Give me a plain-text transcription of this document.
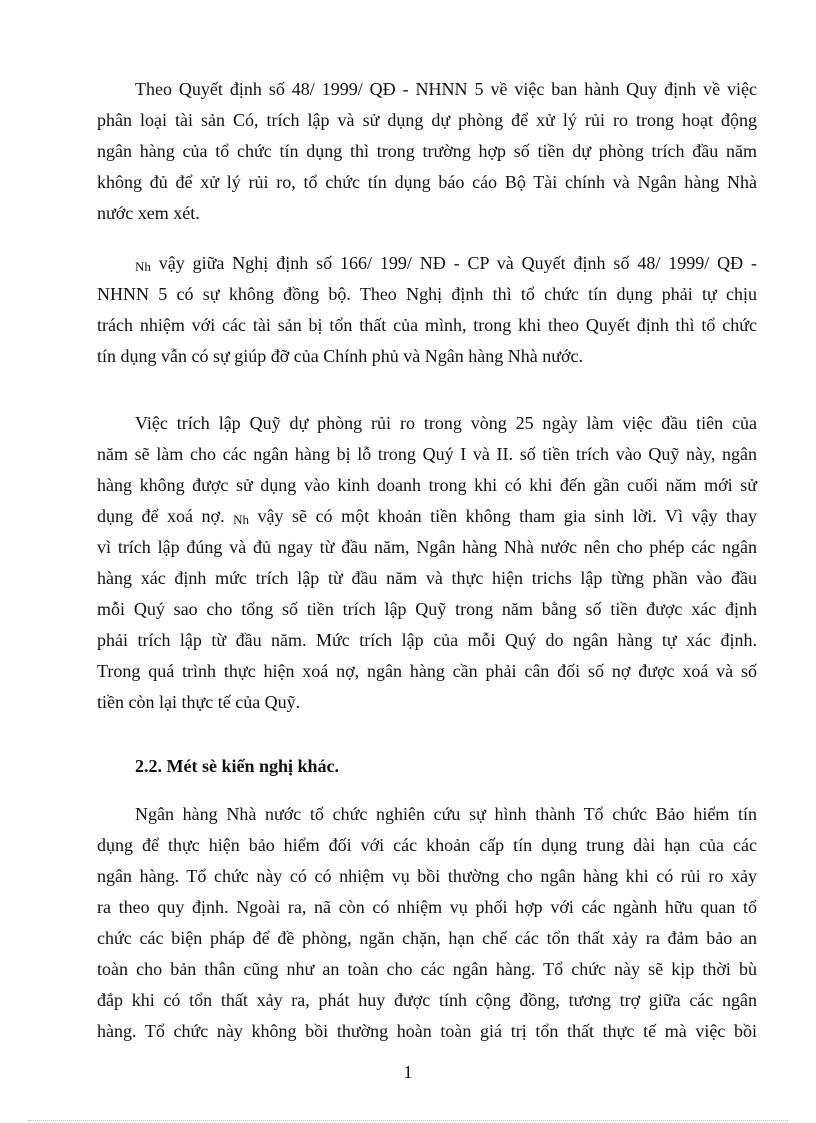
Theo Quyết định số 48/ 1999/ QĐ - NHNN 5 về việc ban hành Quy định về việc
phân loại tài sản Có, trích lập và sử dụng dự phòng để xử lý rủi ro trong hoạt động
ngân hàng của tổ chức tín dụng thì trong trường hợp số tiền dự phòng trích đầu năm
không đủ để xử lý rủi ro, tổ chức tín dụng báo cáo Bộ Tài chính và Ngân hàng Nhà
nước xem xét.

Nh vậy giữa Nghị định số 166/ 199/ NĐ - CP và Quyết định số 48/ 1999/ QĐ -
NHNN 5 có sự không đồng bộ. Theo Nghị định thì tổ chức tín dụng phải tự chịu
trách nhiệm với các tài sản bị tổn thất của mình, trong khi theo Quyết định thì tổ chức
tín dụng vẫn có sự giúp đỡ của Chính phủ và Ngân hàng Nhà nước.

Việc trích lập Quỹ dự phòng rủi ro trong vòng 25 ngày làm việc đầu tiên của
năm sẽ làm cho các ngân hàng bị lỗ trong Quý I và II. số tiền trích vào Quỹ này, ngân
hàng không được sử dụng vào kinh doanh trong khi có khi đến gần cuối năm mới sử
dụng để xoá nợ. Nh vậy sẽ có một khoản tiền không tham gia sinh lời. Vì vậy thay
vì trích lập đúng và đủ ngay từ đầu năm, Ngân hàng Nhà nước nên cho phép các ngân
hàng xác định mức trích lập từ đầu năm và thực hiện trichs lập từng phần vào đầu
mỗi Quý sao cho tổng số tiền trích lập Quỹ trong năm bằng số tiền được xác định
phải trích lập từ đầu năm. Mức trích lập của mỗi Quý do ngân hàng tự xác định.
Trong quá trình thực hiện xoá nợ, ngân hàng cần phải cân đối số nợ được xoá và số
tiền còn lại thực tế của Quỹ.

2.2. Mét sè kiến nghị khác.

Ngân hàng Nhà nước tổ chức nghiên cứu sự hình thành Tổ chức Bảo hiểm tín
dụng để thực hiện bảo hiểm đối với các khoản cấp tín dụng trung dài hạn của các
ngân hàng. Tổ chức này có có nhiệm vụ bồi thường cho ngân hàng khi có rủi ro xảy
ra theo quy định. Ngoài ra, nã còn có nhiệm vụ phối hợp với các ngành hữu quan tổ
chức các biện pháp để đề phòng, ngăn chặn, hạn chế các tổn thất xảy ra đảm bảo an
toàn cho bản thân cũng như an toàn cho các ngân hàng. Tổ chức này sẽ kịp thời bù
đắp khi có tổn thất xảy ra, phát huy được tính cộng đồng, tương trợ giữa các ngân
hàng. Tổ chức này không bồi thường hoàn toàn giá trị tổn thất thực tế mà việc bồi

1
